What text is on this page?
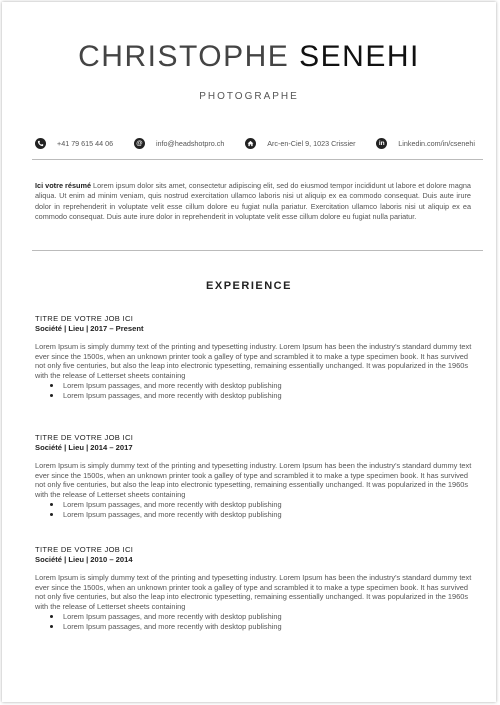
CHRISTOPHE SENEHI
PHOTOGRAPHE
+41 79 615 44 06	@	info@headshotpro.ch	Arc-en-Ciel 9, 1023 Crissier	in	Linkedin.com/in/csenehi

Ici votre résumé Lorem ipsum dolor sits amet, consectetur adipiscing elit, sed do eiusmod tempor incididunt ut labore et dolore magna aliqua. Ut enim ad minim veniam, quis nostrud exercitation ullamco laboris nisi ut aliquip ex ea commodo consequat. Duis aute irure dolor in reprehenderit in voluptate velit esse cillum dolore eu fugiat nulla pariatur. Exercitation ullamco laboris nisi ut aliquip ex ea commodo consequat. Duis aute irure dolor in reprehenderit in voluptate velit esse cillum dolore eu fugiat nulla pariatur.

EXPERIENCE
TITRE DE VOTRE JOB ICI
Société | Lieu | 2017 – Present

Lorem Ipsum is simply dummy text of the printing and typesetting industry. Lorem Ipsum has been the industry's standard dummy text ever since the 1500s, when an unknown printer took a galley of type and scrambled it to make a type specimen book. It has survived not only five centuries, but also the leap into electronic typesetting, remaining essentially unchanged. It was popularized in the 1960s with the release of Letterset sheets containing

Lorem Ipsum passages, and more recently with desktop publishing
Lorem Ipsum passages, and more recently with desktop publishing
TITRE DE VOTRE JOB ICI
Société | Lieu | 2014 – 2017

Lorem Ipsum is simply dummy text of the printing and typesetting industry. Lorem Ipsum has been the industry's standard dummy text ever since the 1500s, when an unknown printer took a galley of type and scrambled it to make a type specimen book. It has survived not only five centuries, but also the leap into electronic typesetting, remaining essentially unchanged. It was popularized in the 1960s with the release of Letterset sheets containing

Lorem Ipsum passages, and more recently with desktop publishing
Lorem Ipsum passages, and more recently with desktop publishing
TITRE DE VOTRE JOB ICI
Société | Lieu | 2010 – 2014

Lorem Ipsum is simply dummy text of the printing and typesetting industry. Lorem Ipsum has been the industry's standard dummy text ever since the 1500s, when an unknown printer took a galley of type and scrambled it to make a type specimen book. It has survived not only five centuries, but also the leap into electronic typesetting, remaining essentially unchanged. It was popularized in the 1960s with the release of Letterset sheets containing

Lorem Ipsum passages, and more recently with desktop publishing
Lorem Ipsum passages, and more recently with desktop publishing
